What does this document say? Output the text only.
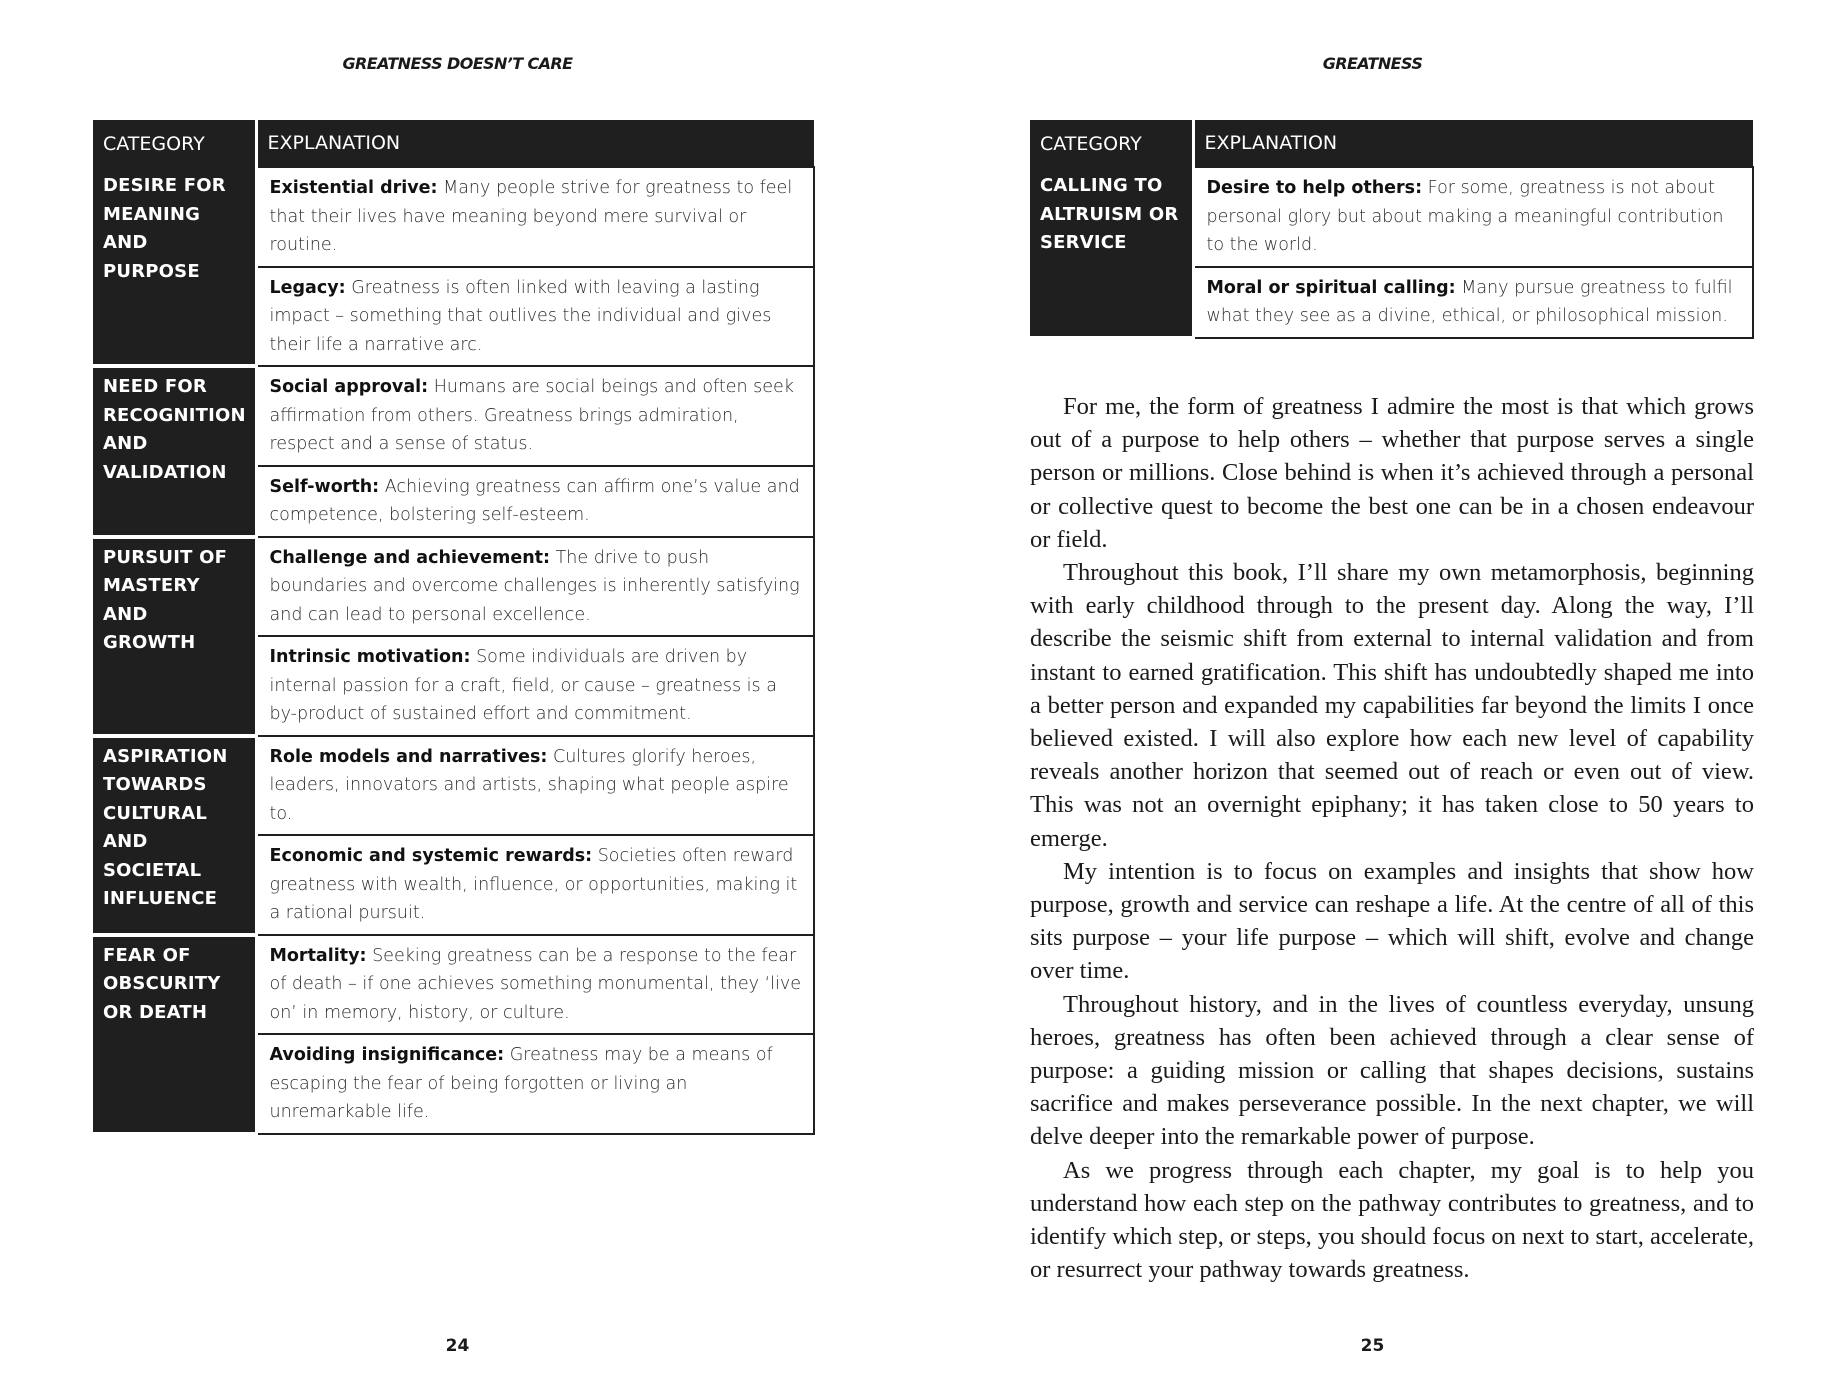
GREATNESS DOESN’T CARE
CATEGORY	EXPLANATION
DESIRE FOR MEANING AND PURPOSE	Existential drive: Many people strive for greatness to feel that their lives have meaning beyond mere survival or routine.
	Legacy: Greatness is often linked with leaving a lasting impact – something that outlives the individual and gives their life a narrative arc.
NEED FOR RECOGNITION AND VALIDATION	Social approval: Humans are social beings and often seek affirmation from others. Greatness brings admiration, respect and a sense of status.
	Self-worth: Achieving greatness can affirm one’s value and competence, bolstering self-esteem.
PURSUIT OF MASTERY AND GROWTH	Challenge and achievement: The drive to push boundaries and overcome challenges is inherently satisfying and can lead to personal excellence.
	Intrinsic motivation: Some individuals are driven by internal passion for a craft, field, or cause – greatness is a by-product of sustained effort and commitment.
ASPIRATION TOWARDS CULTURAL AND SOCIETAL INFLUENCE	Role models and narratives: Cultures glorify heroes, leaders, innovators and artists, shaping what people aspire to.
	Economic and systemic rewards: Societies often reward greatness with wealth, influence, or opportunities, making it a rational pursuit.
FEAR OF OBSCURITY OR DEATH	Mortality: Seeking greatness can be a response to the fear of death – if one achieves something monumental, they ‘live on’ in memory, history, or culture.
	Avoiding insignificance: Greatness may be a means of escaping the fear of being forgotten or living an unremarkable life.
24
GREATNESS
CATEGORY	EXPLANATION
CALLING TO ALTRUISM OR SERVICE	Desire to help others: For some, greatness is not about personal glory but about making a meaningful contribution to the world.
	Moral or spiritual calling: Many pursue greatness to fulfil what they see as a divine, ethical, or philosophical mission.

For me, the form of greatness I admire the most is that which grows out of a purpose to help others – whether that purpose serves a single person or millions. Close behind is when it’s achieved through a personal or collective quest to become the best one can be in a chosen endeavour or field.

Throughout this book, I’ll share my own metamorphosis, beginning with early childhood through to the present day. Along the way, I’ll describe the seismic shift from external to internal validation and from instant to earned gratification. This shift has undoubtedly shaped me into a better person and expanded my capabilities far beyond the limits I once believed existed. I will also explore how each new level of capability reveals another horizon that seemed out of reach or even out of view. This was not an overnight epiphany; it has taken close to 50 years to emerge.

My intention is to focus on examples and insights that show how purpose, growth and service can reshape a life. At the centre of all of this sits purpose – your life purpose – which will shift, evolve and change over time.

Throughout history, and in the lives of countless everyday, unsung heroes, greatness has often been achieved through a clear sense of purpose: a guiding mission or calling that shapes decisions, sustains sacrifice and makes perseverance possible. In the next chapter, we will delve deeper into the remarkable power of purpose.

As we progress through each chapter, my goal is to help you understand how each step on the pathway contributes to greatness, and to identify which step, or steps, you should focus on next to start, accelerate, or resurrect your pathway towards greatness.

25
